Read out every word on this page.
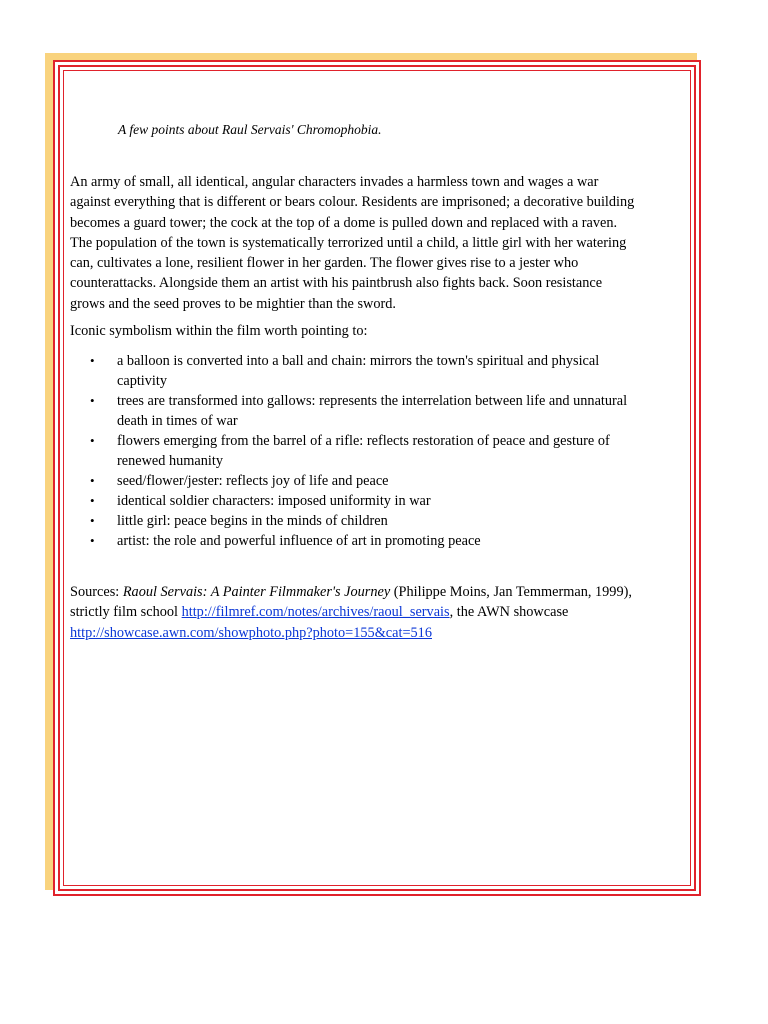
A few points about Raul Servais' Chromophobia.

An army of small, all identical, angular characters invades a harmless town and wages a war
against everything that is different or bears colour. Residents are imprisoned; a decorative building
becomes a guard tower; the cock at the top of a dome is pulled down and replaced with a raven.
The population of the town is systematically terrorized until a child, a little girl with her watering
can, cultivates a lone, resilient flower in her garden. The flower gives rise to a jester who
counterattacks. Alongside them an artist with his paintbrush also fights back. Soon resistance
grows and the seed proves to be mightier than the sword.

Iconic symbolism within the film worth pointing to:

• a balloon is converted into a ball and chain: mirrors the town's spiritual and physical
captivity
• trees are transformed into gallows: represents the interrelation between life and unnatural
death in times of war
• flowers emerging from the barrel of a rifle: reflects restoration of peace and gesture of
renewed humanity
• seed/flower/jester: reflects joy of life and peace
• identical soldier characters: imposed uniformity in war
• little girl: peace begins in the minds of children
• artist: the role and powerful influence of art in promoting peace

Sources: Raoul Servais: A Painter Filmmaker's Journey (Philippe Moins, Jan Temmerman, 1999),
strictly film school http://filmref.com/notes/archives/raoul_servais, the AWN showcase
http://showcase.awn.com/showphoto.php?photo=155&cat=516
